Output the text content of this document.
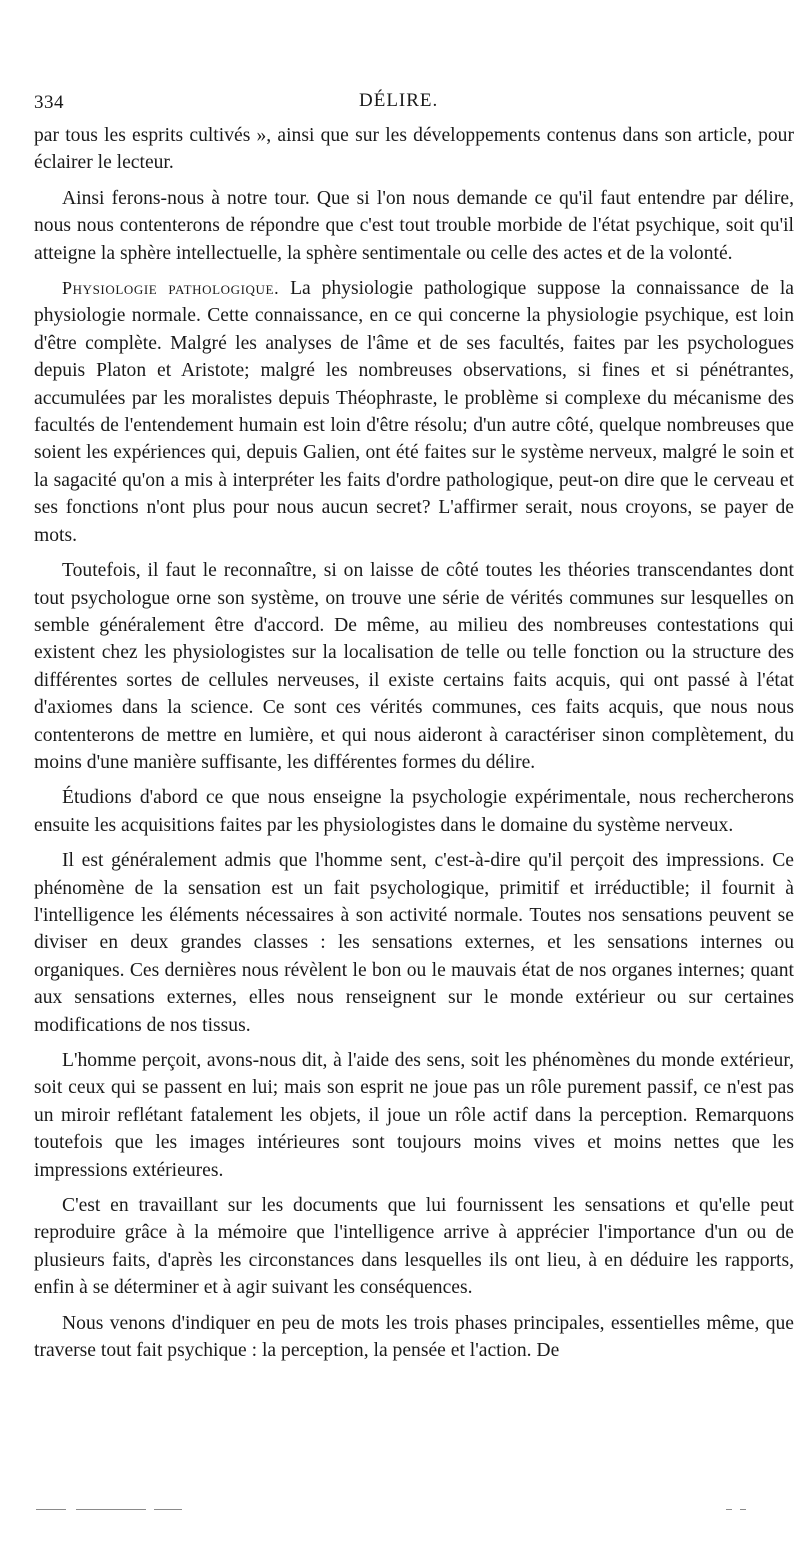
334	DÉLIRE.

par tous les esprits cultivés », ainsi que sur les développements contenus dans son article, pour éclairer le lecteur.

Ainsi ferons-nous à notre tour. Que si l'on nous demande ce qu'il faut entendre par délire, nous nous contenterons de répondre que c'est tout trouble morbide de l'état psychique, soit qu'il atteigne la sphère intellectuelle, la sphère sentimentale ou celle des actes et de la volonté.

Physiologie pathologique. La physiologie pathologique suppose la connaissance de la physiologie normale. Cette connaissance, en ce qui concerne la physiologie psychique, est loin d'être complète. Malgré les analyses de l'âme et de ses facultés, faites par les psychologues depuis Platon et Aristote; malgré les nombreuses observations, si fines et si pénétrantes, accumulées par les moralistes depuis Théophraste, le problème si complexe du mécanisme des facultés de l'entendement humain est loin d'être résolu; d'un autre côté, quelque nombreuses que soient les expériences qui, depuis Galien, ont été faites sur le système nerveux, malgré le soin et la sagacité qu'on a mis à interpréter les faits d'ordre pathologique, peut-on dire que le cerveau et ses fonctions n'ont plus pour nous aucun secret? L'affirmer serait, nous croyons, se payer de mots.

Toutefois, il faut le reconnaître, si on laisse de côté toutes les théories transcendantes dont tout psychologue orne son système, on trouve une série de vérités communes sur lesquelles on semble généralement être d'accord. De même, au milieu des nombreuses contestations qui existent chez les physiologistes sur la localisation de telle ou telle fonction ou la structure des différentes sortes de cellules nerveuses, il existe certains faits acquis, qui ont passé à l'état d'axiomes dans la science. Ce sont ces vérités communes, ces faits acquis, que nous nous contenterons de mettre en lumière, et qui nous aideront à caractériser sinon complètement, du moins d'une manière suffisante, les différentes formes du délire.

Étudions d'abord ce que nous enseigne la psychologie expérimentale, nous rechercherons ensuite les acquisitions faites par les physiologistes dans le domaine du système nerveux.

Il est généralement admis que l'homme sent, c'est-à-dire qu'il perçoit des impressions. Ce phénomène de la sensation est un fait psychologique, primitif et irréductible; il fournit à l'intelligence les éléments nécessaires à son activité normale. Toutes nos sensations peuvent se diviser en deux grandes classes : les sensations externes, et les sensations internes ou organiques. Ces dernières nous révèlent le bon ou le mauvais état de nos organes internes; quant aux sensations externes, elles nous renseignent sur le monde extérieur ou sur certaines modifications de nos tissus.

L'homme perçoit, avons-nous dit, à l'aide des sens, soit les phénomènes du monde extérieur, soit ceux qui se passent en lui; mais son esprit ne joue pas un rôle purement passif, ce n'est pas un miroir reflétant fatalement les objets, il joue un rôle actif dans la perception. Remarquons toutefois que les images intérieures sont toujours moins vives et moins nettes que les impressions extérieures.

C'est en travaillant sur les documents que lui fournissent les sensations et qu'elle peut reproduire grâce à la mémoire que l'intelligence arrive à apprécier l'importance d'un ou de plusieurs faits, d'après les circonstances dans lesquelles ils ont lieu, à en déduire les rapports, enfin à se déterminer et à agir suivant les conséquences.

Nous venons d'indiquer en peu de mots les trois phases principales, essentielles même, que traverse tout fait psychique : la perception, la pensée et l'action. De
